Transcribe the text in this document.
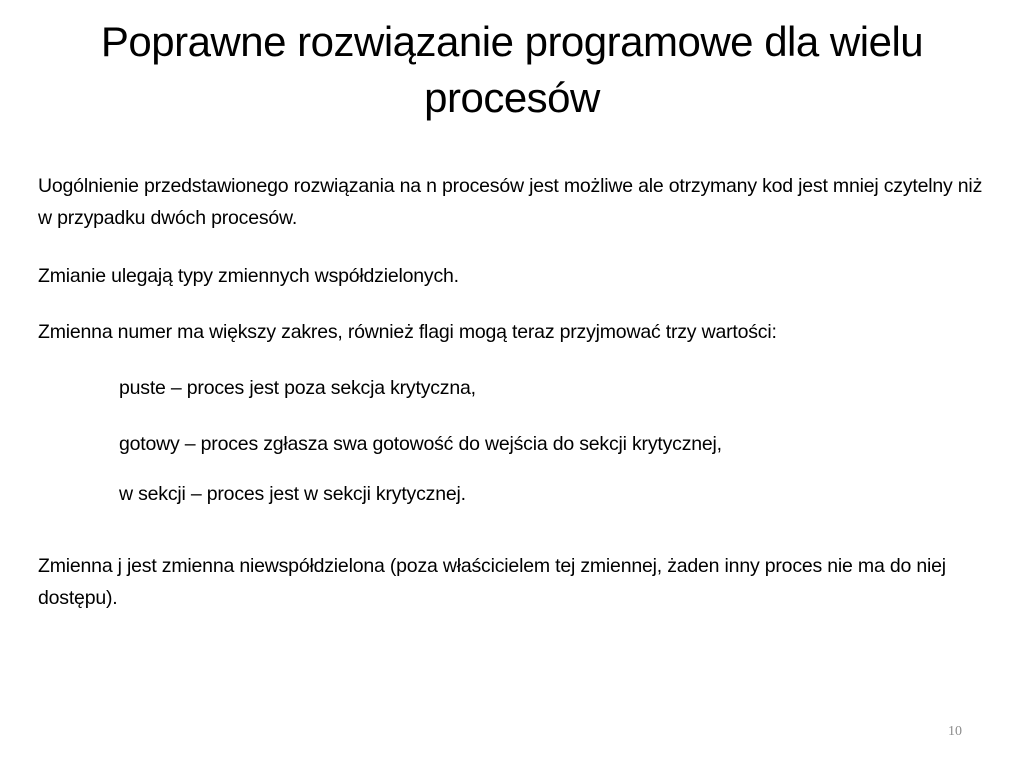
Poprawne rozwiązanie programowe dla wielu procesów

Uogólnienie przedstawionego rozwiązania na n procesów jest możliwe ale otrzymany kod jest mniej czytelny niż w przypadku dwóch procesów.

Zmianie ulegają typy zmiennych współdzielonych.

Zmienna numer ma większy zakres, również flagi mogą teraz przyjmować trzy wartości:

puste – proces jest poza sekcja krytyczna,

gotowy – proces zgłasza swa gotowość do wejścia do sekcji krytycznej,

w sekcji – proces jest w sekcji krytycznej.

Zmienna j jest zmienna niewspółdzielona (poza właścicielem tej zmiennej, żaden inny proces nie ma do niej dostępu).

10
